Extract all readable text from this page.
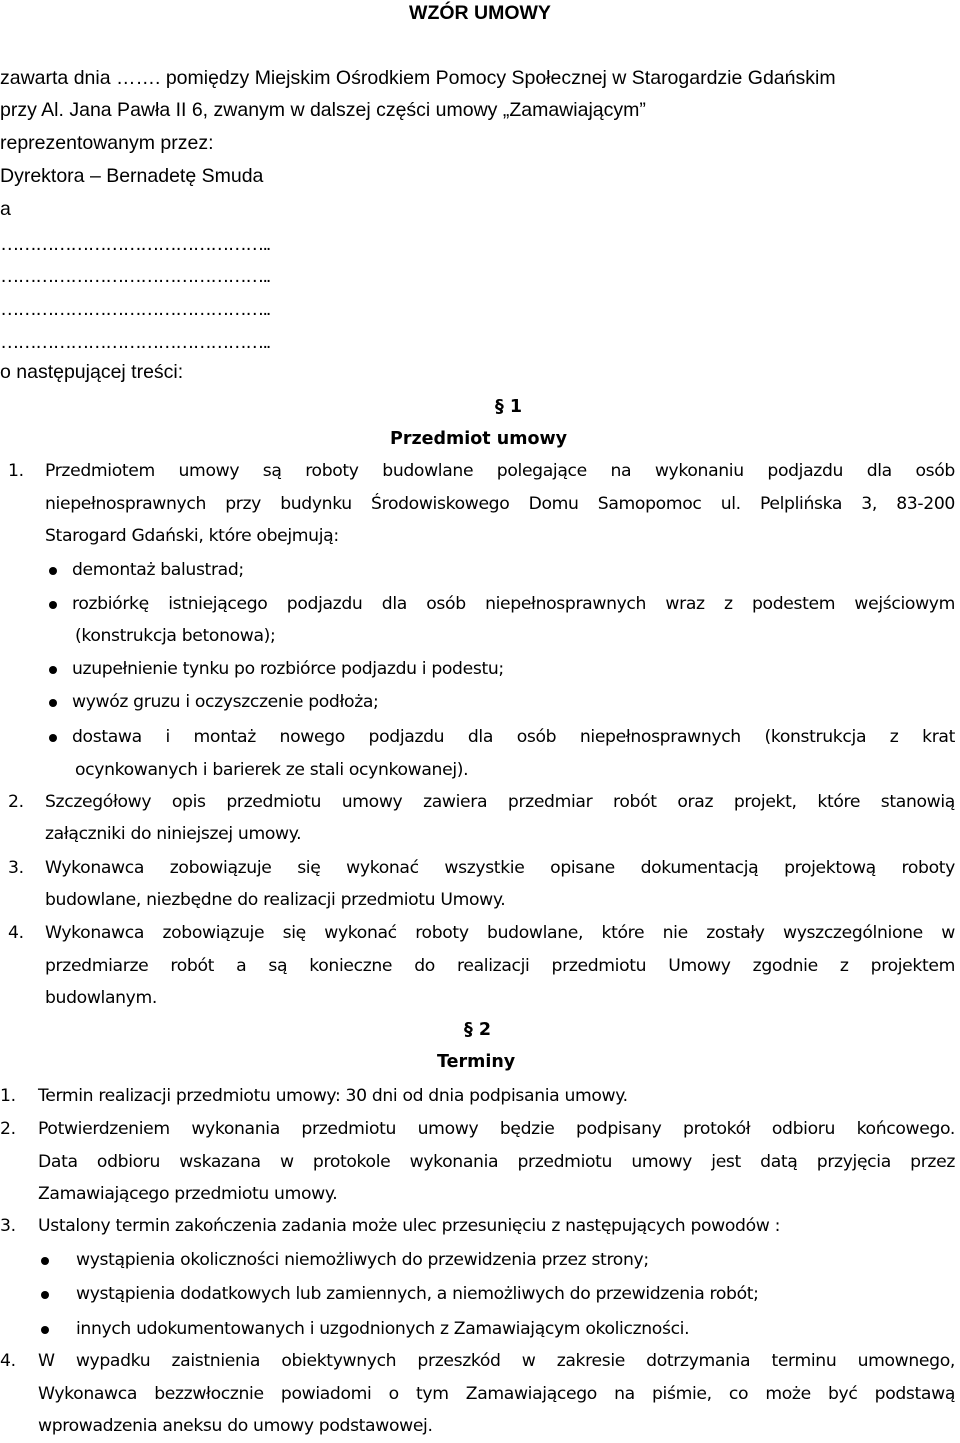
WZÓR UMOWY
zawarta dnia ……. pomiędzy Miejskim Ośrodkiem Pomocy Społecznej w Starogardzie Gdańskim
przy Al. Jana Pawła II 6, zwanym w dalszej części umowy „Zamawiającym”
reprezentowanym przez:
Dyrektora – Bernadetę Smuda
a
………………………………………..
………………………………………..
………………………………………..
………………………………………..
o następującej treści:
§ 1
Przedmiot umowy
1. Przedmiotem umowy są roboty budowlane polegające na wykonaniu podjazdu dla osób
niepełnosprawnych przy budynku Środowiskowego Domu Samopomoc ul. Pelplińska 3, 83-200
Starogard Gdański, które obejmują:
demontaż balustrad;
rozbiórkę istniejącego podjazdu dla osób niepełnosprawnych wraz z podestem wejściowym
(konstrukcja betonowa);
uzupełnienie tynku po rozbiórce podjazdu i podestu;
wywóz gruzu i oczyszczenie podłoża;
dostawa i montaż nowego podjazdu dla osób niepełnosprawnych (konstrukcja z krat
ocynkowanych i barierek ze stali ocynkowanej).
2. Szczegółowy opis przedmiotu umowy zawiera przedmiar robót oraz projekt, które stanowią
załączniki do niniejszej umowy.
3. Wykonawca zobowiązuje się wykonać wszystkie opisane dokumentacją projektową roboty
budowlane, niezbędne do realizacji przedmiotu Umowy.
4. Wykonawca zobowiązuje się wykonać roboty budowlane, które nie zostały wyszczególnione w
przedmiarze robót a są konieczne do realizacji przedmiotu Umowy zgodnie z projektem
budowlanym.
§ 2
Terminy
1. Termin realizacji przedmiotu umowy: 30 dni od dnia podpisania umowy.
2. Potwierdzeniem wykonania przedmiotu umowy będzie podpisany protokół odbioru końcowego.
Data odbioru wskazana w protokole wykonania przedmiotu umowy jest datą przyjęcia przez
Zamawiającego przedmiotu umowy.
3. Ustalony termin zakończenia zadania może ulec przesunięciu z następujących powodów :
wystąpienia okoliczności niemożliwych do przewidzenia przez strony;
wystąpienia dodatkowych lub zamiennych, a niemożliwych do przewidzenia robót;
innych udokumentowanych i uzgodnionych z Zamawiającym okoliczności.
4. W wypadku zaistnienia obiektywnych przeszkód w zakresie dotrzymania terminu umownego,
Wykonawca bezzwłocznie powiadomi o tym Zamawiającego na piśmie, co może być podstawą
wprowadzenia aneksu do umowy podstawowej.
